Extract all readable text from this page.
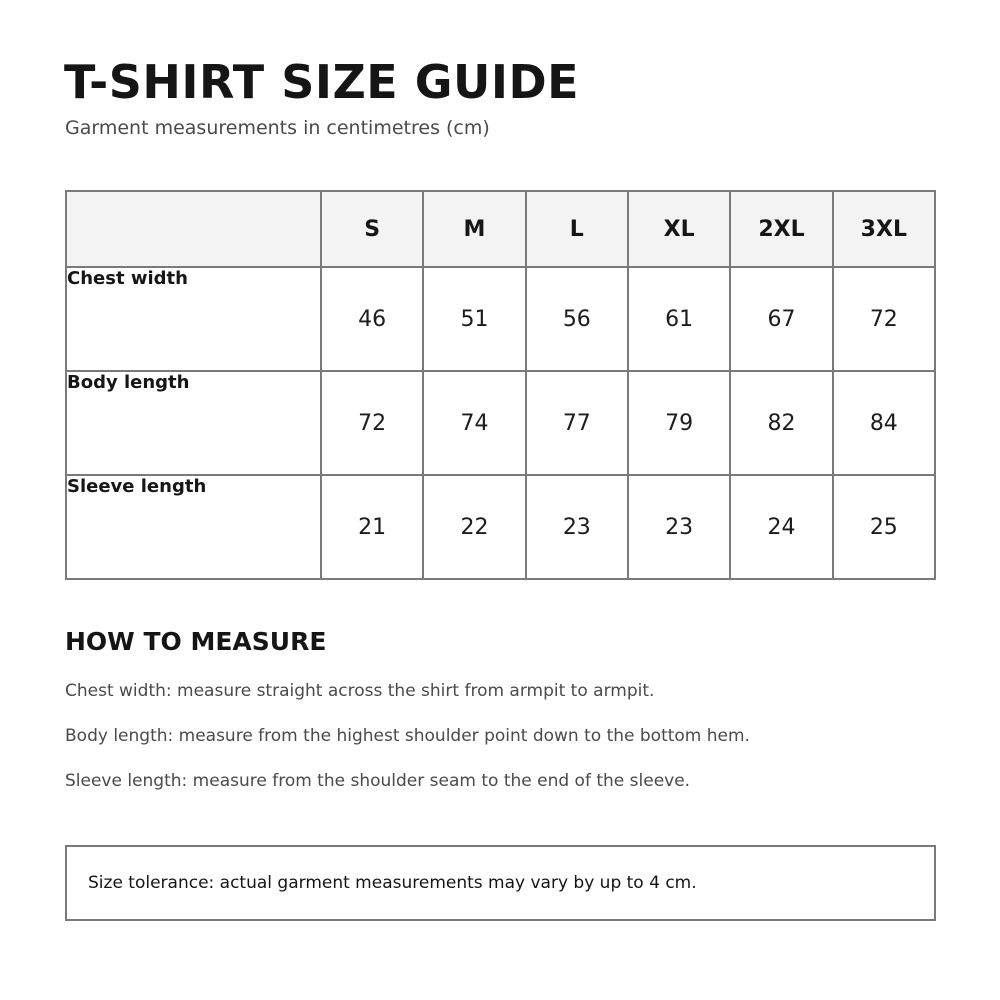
T-SHIRT SIZE GUIDE

Garment measurements in centimetres (cm)

	S	M	L	XL	2XL	3XL
Chest width	46	51	56	61	67	72
Body length	72	74	77	79	82	84
Sleeve length	21	22	23	23	24	25
HOW TO MEASURE

Chest width: measure straight across the shirt from armpit to armpit.

Body length: measure from the highest shoulder point down to the bottom hem.

Sleeve length: measure from the shoulder seam to the end of the sleeve.

Size tolerance: actual garment measurements may vary by up to 4 cm.
